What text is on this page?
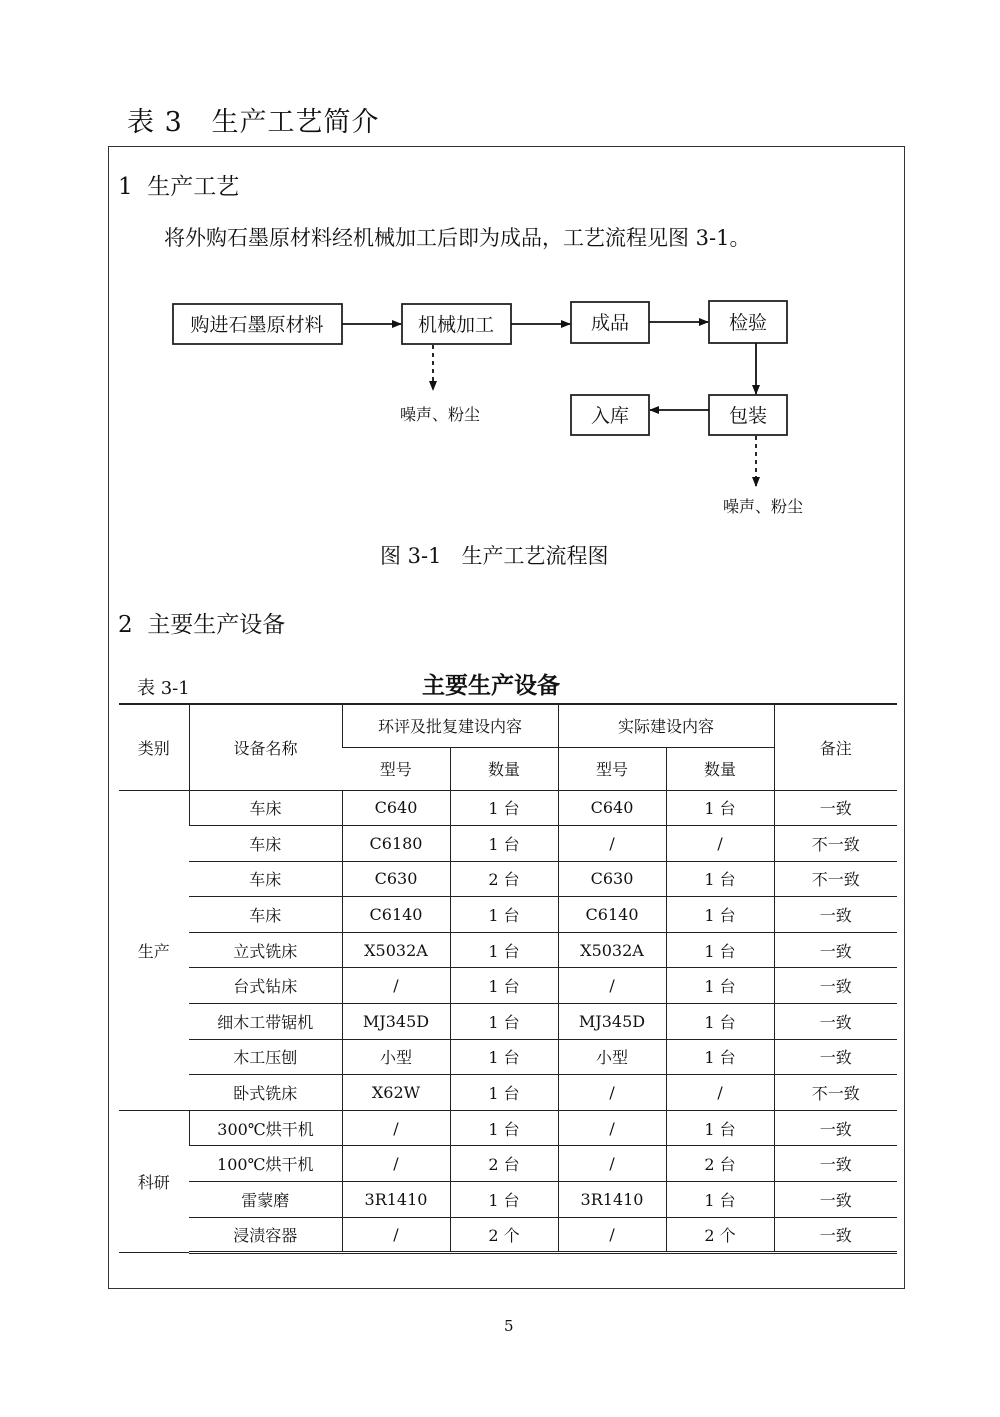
表 3   生产工艺简介
1  生产工艺
将外购石墨原材料经机械加工后即为成品，工艺流程见图 3-1。
购进石墨原材料	机械加工	成品	检验
入库	包装
噪声、粉尘
噪声、粉尘
图 3-1   生产工艺流程图
2  主要生产设备
表 3-1	主要生产设备
类别	设备名称	环评及批复建设内容		实际建设内容		备注
		型号	数量	型号	数量	
生产	车床	C640	1 台	C640	1 台	一致
	车床	C6180	1 台	/	/	不一致
	车床	C630	2 台	C630	1 台	不一致
	车床	C6140	1 台	C6140	1 台	一致
	立式铣床	X5032A	1 台	X5032A	1 台	一致
	台式钻床	/	1 台	/	1 台	一致
	细木工带锯机	MJ345D	1 台	MJ345D	1 台	一致
	木工压刨	小型	1 台	小型	1 台	一致
	卧式铣床	X62W	1 台	/	/	不一致
科研	300℃烘干机	/	1 台	/	1 台	一致
	100℃烘干机	/	2 台	/	2 台	一致
	雷蒙磨	3R1410	1 台	3R1410	1 台	一致
	浸渍容器	/	2 个	/	2 个	一致
5
